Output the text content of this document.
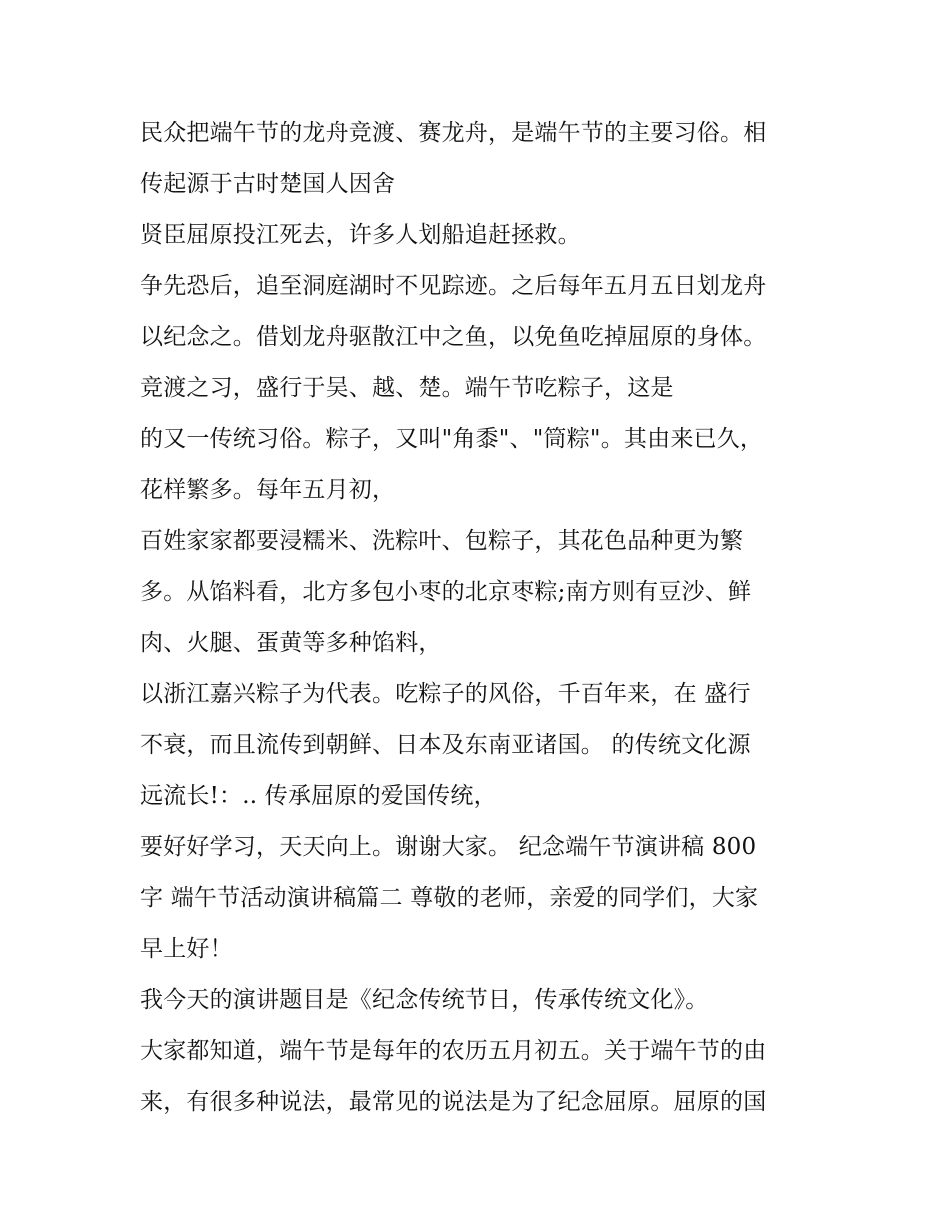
民众把端午节的龙舟竞渡、赛龙舟，是端午节的主要习俗。相
传起源于古时楚国人因舍
贤臣屈原投江死去，许多人划船追赶拯救。
争先恐后，追至洞庭湖时不见踪迹。之后每年五月五日划龙舟
以纪念之。借划龙舟驱散江中之鱼，以免鱼吃掉屈原的身体。
竞渡之习，盛行于吴、越、楚。端午节吃粽子，这是
的又一传统习俗。粽子，又叫"角黍"、"筒粽"。其由来已久，
花样繁多。每年五月初，
百姓家家都要浸糯米、洗粽叶、包粽子，其花色品种更为繁
多。从馅料看，北方多包小枣的北京枣粽;南方则有豆沙、鲜
肉、火腿、蛋黄等多种馅料，
以浙江嘉兴粽子为代表。吃粽子的风俗，千百年来，在 盛行
不衰，而且流传到朝鲜、日本及东南亚诸国。 的传统文化源
远流长!：.. 传承屈原的爱国传统，
要好好学习，天天向上。谢谢大家。 纪念端午节演讲稿 800
字 端午节活动演讲稿篇二 尊敬的老师，亲爱的同学们，大家
早上好！
我今天的演讲题目是《纪念传统节日，传承传统文化》。
大家都知道，端午节是每年的农历五月初五。关于端午节的由
来，有很多种说法，最常见的说法是为了纪念屈原。屈原的国
